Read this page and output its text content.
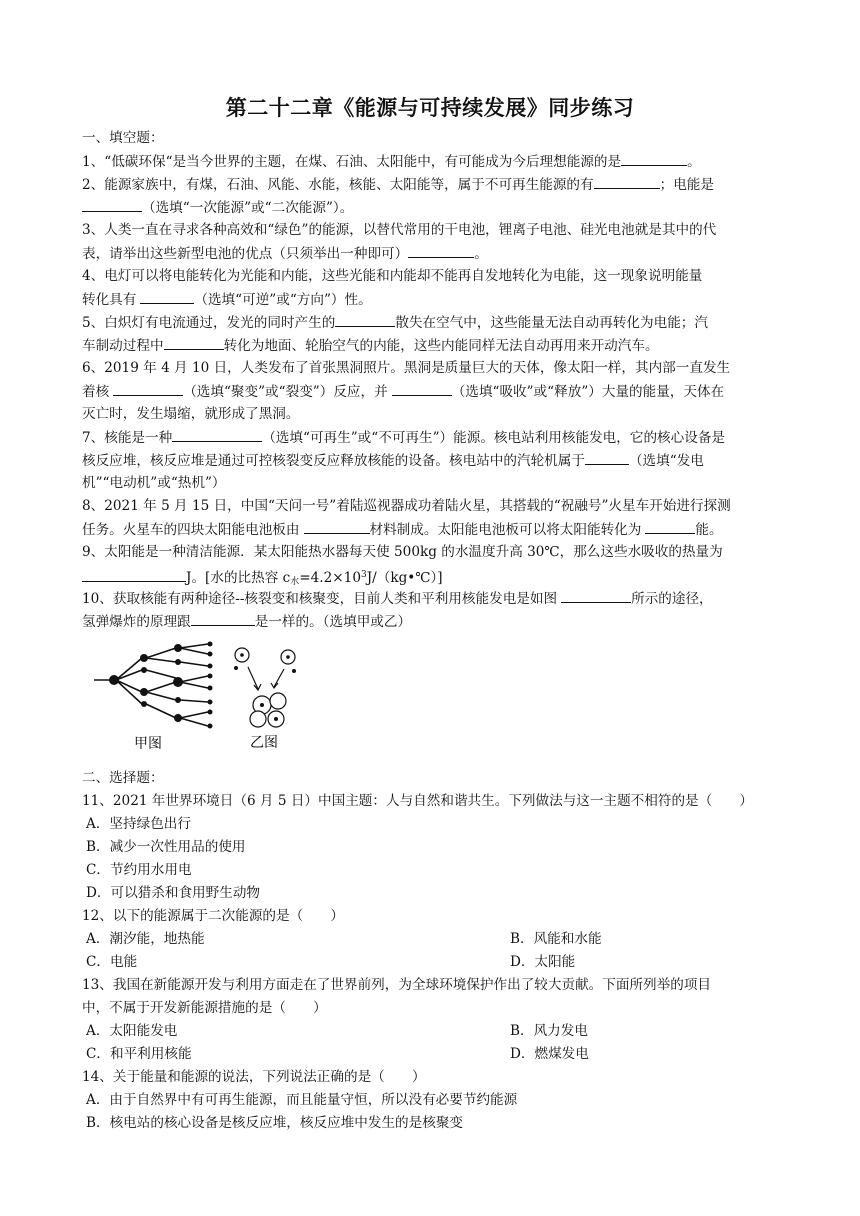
第二十二章《能源与可持续发展》同步练习
一、填空题：
1、“低碳环保“是当今世界的主题，在煤、石油、太阳能中，有可能成为今后理想能源的是	。
2、能源家族中，有煤，石油、风能、水能，核能、太阳能等，属于不可再生能源的有	；电能是
（选填“一次能源”或“二次能源”）。
3、人类一直在寻求各种高效和“绿色”的能源，以替代常用的干电池，锂离子电池、硅光电池就是其中的代
表，请举出这些新型电池的优点（只须举出一种即可）	。
4、电灯可以将电能转化为光能和内能，这些光能和内能却不能再自发地转化为电能，这一现象说明能量
转化具有	（选填“可逆”或“方向”）性。
5、白炽灯有电流通过，发光的同时产生的	散失在空气中，这些能量无法自动再转化为电能；汽
车制动过程中	转化为地面、轮胎空气的内能，这些内能同样无法自动再用来开动汽车。
6、2019 年 4 月 10 日，人类发布了首张黑洞照片。黑洞是质量巨大的天体，像太阳一样，其内部一直发生
着核	（选填“聚变”或“裂变”）反应，并	（选填“吸收”或“释放”）大量的能量，天体在
灭亡时，发生塌缩，就形成了黑洞。
7、核能是一种	（选填“可再生”或“不可再生”）能源。核电站利用核能发电，它的核心设备是
核反应堆，核反应堆是通过可控核裂变反应释放核能的设备。核电站中的汽轮机属于	（选填“发电
机”“电动机”或“热机”）
8、2021 年 5 月 15 日，中国“天问一号”着陆巡视器成功着陆火星，其搭载的“祝融号”火星车开始进行探测
任务。火星车的四块太阳能电池板由	材料制成。太阳能电池板可以将太阳能转化为	能。
9、太阳能是一种清洁能源．某太阳能热水器每天使 500kg 的水温度升高 30℃，那么这些水吸收的热量为
J。[水的比热容 $c_水=4.2\times 10^3J/(kg•℃)$]
10、获取核能有两种途径--核裂变和核聚变，目前人类和平利用核能发电是如图	所示的途径，
氢弹爆炸的原理跟	是一样的。（选填甲或乙）
甲图	乙图
二、选择题：
11、2021 年世界环境日（6 月 5 日）中国主题：人与自然和谐共生。下列做法与这一主题不相符的是（　　）
A．坚持绿色出行
B．减少一次性用品的使用
C．节约用水用电
D．可以猎杀和食用野生动物
12、以下的能源属于二次能源的是（　　）
A．潮汐能，地热能	B．风能和水能
C．电能	D．太阳能
13、我国在新能源开发与利用方面走在了世界前列，为全球环境保护作出了较大贡献。下面所列举的项目
中，不属于开发新能源措施的是（　　）
A．太阳能发电	B．风力发电
C．和平利用核能	D．燃煤发电
14、关于能量和能源的说法，下列说法正确的是（　　）
A．由于自然界中有可再生能源，而且能量守恒，所以没有必要节约能源
B．核电站的核心设备是核反应堆，核反应堆中发生的是核聚变
